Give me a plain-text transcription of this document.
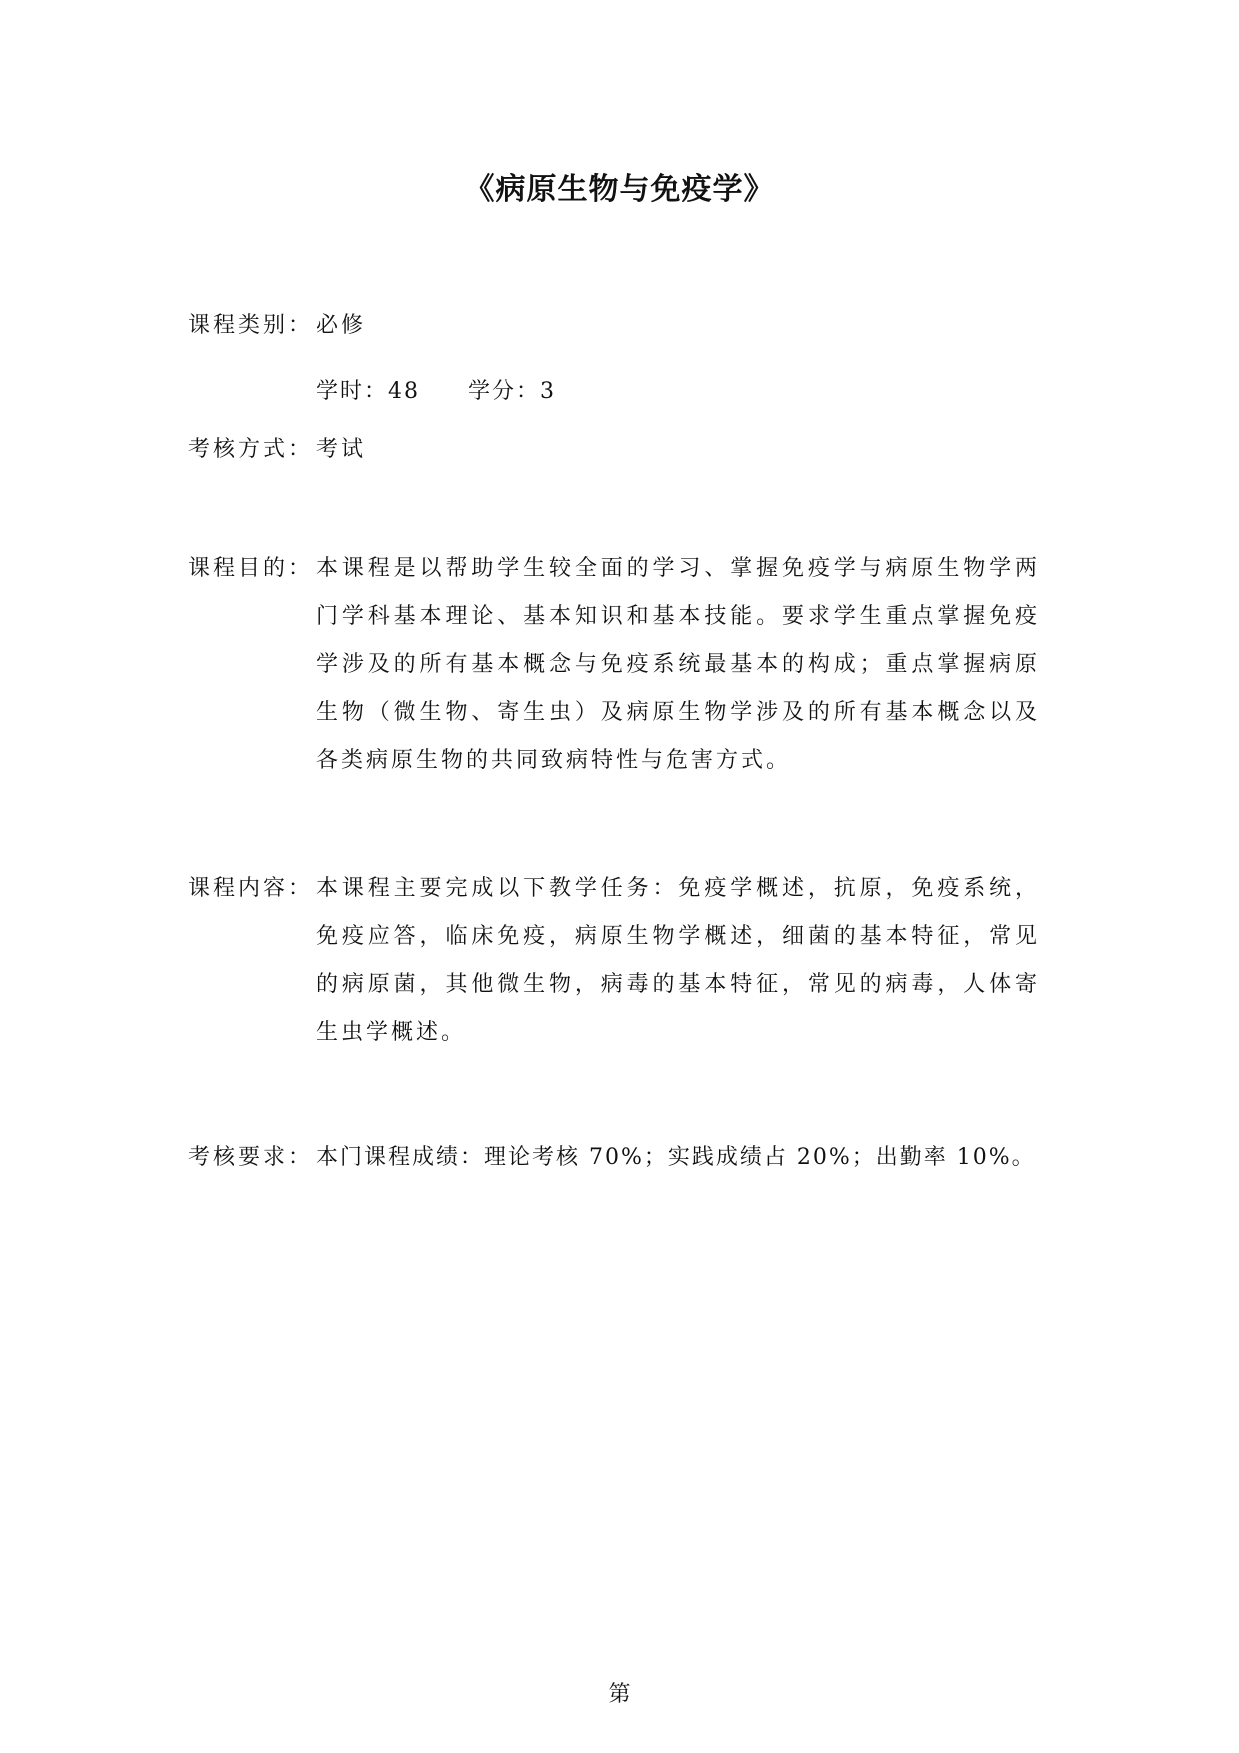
《病原生物与免疫学》
课程类别： 必修
学时：48 学分：3
考核方式： 考试
课程目的： 本课程是以帮助学生较全面的学习、掌握免疫学与病原生物学两门学科基本理论、基本知识和基本技能。要求学生重点掌握免疫学涉及的所有基本概念与免疫系统最基本的构成；重点掌握病原生物（微生物、寄生虫）及病原生物学涉及的所有基本概念以及各类病原生物的共同致病特性与危害方式。
课程内容： 本课程主要完成以下教学任务：免疫学概述，抗原，免疫系统，免疫应答，临床免疫，病原生物学概述，细菌的基本特征，常见的病原菌，其他微生物，病毒的基本特征，常见的病毒，人体寄生虫学概述。
考核要求： 本门课程成绩：理论考核 70%；实践成绩占 20%；出勤率 10%。
第
